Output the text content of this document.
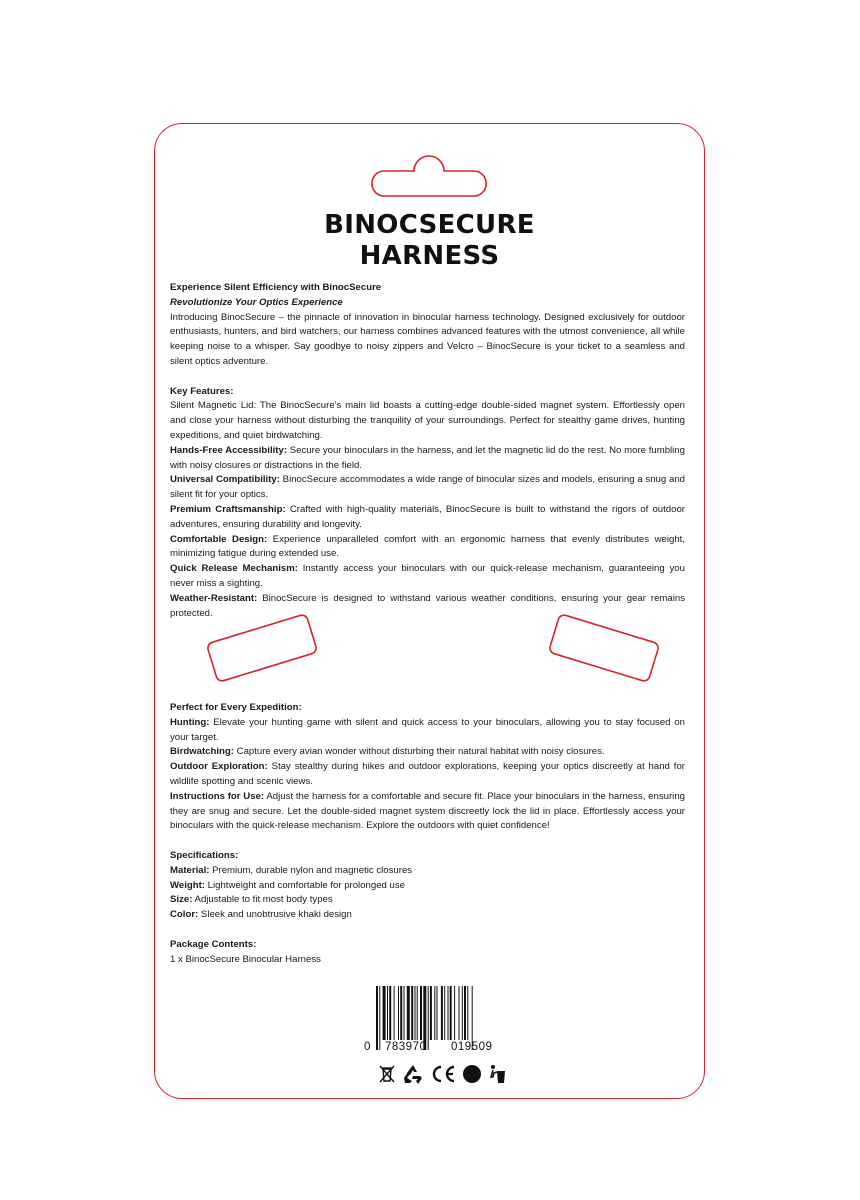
BINOCSECURE
HARNESS

Experience Silent Efficiency with BinocSecure

Revolutionize Your Optics Experience

Introducing BinocSecure – the pinnacle of innovation in binocular harness technology. Designed exclusively for outdoor enthusiasts, hunters, and bird watchers, our harness combines advanced features with the utmost convenience, all while keeping noise to a whisper. Say goodbye to noisy zippers and Velcro – BinocSecure is your ticket to a seamless and silent optics adventure.

Key Features:

Silent Magnetic Lid: The BinocSecure's main lid boasts a cutting-edge double-sided magnet system. Effortlessly open and close your harness without disturbing the tranquility of your surroundings. Perfect for stealthy game drives, hunting expeditions, and quiet birdwatching.

Hands-Free Accessibility: Secure your binoculars in the harness, and let the magnetic lid do the rest. No more fumbling with noisy closures or distractions in the field.

Universal Compatibility: BinocSecure accommodates a wide range of binocular sizes and models, ensuring a snug and silent fit for your optics.

Premium Craftsmanship: Crafted with high-quality materials, BinocSecure is built to withstand the rigors of outdoor adventures, ensuring durability and longevity.

Comfortable Design: Experience unparalleled comfort with an ergonomic harness that evenly distributes weight, minimizing fatigue during extended use.

Quick Release Mechanism: Instantly access your binoculars with our quick-release mechanism, guaranteeing you never miss a sighting.

Weather-Resistant: BinocSecure is designed to withstand various weather conditions, ensuring your gear remains protected.

Perfect for Every Expedition:

Hunting: Elevate your hunting game with silent and quick access to your binoculars, allowing you to stay focused on your target.

Birdwatching: Capture every avian wonder without disturbing their natural habitat with noisy closures.

Outdoor Exploration: Stay stealthy during hikes and outdoor explorations, keeping your optics discreetly at hand for wildlife spotting and scenic views.

Instructions for Use: Adjust the harness for a comfortable and secure fit. Place your binoculars in the harness, ensuring they are snug and secure. Let the double-sided magnet system discreetly lock the lid in place. Effortlessly access your binoculars with the quick-release mechanism. Explore the outdoors with quiet confidence!

Specifications:

Material: Premium, durable nylon and magnetic closures

Weight: Lightweight and comfortable for prolonged use

Size: Adjustable to fit most body types

Color: Sleek and unobtrusive khaki design

Package Contents:

1 x BinocSecure Binocular Harness

0 783970 019509
